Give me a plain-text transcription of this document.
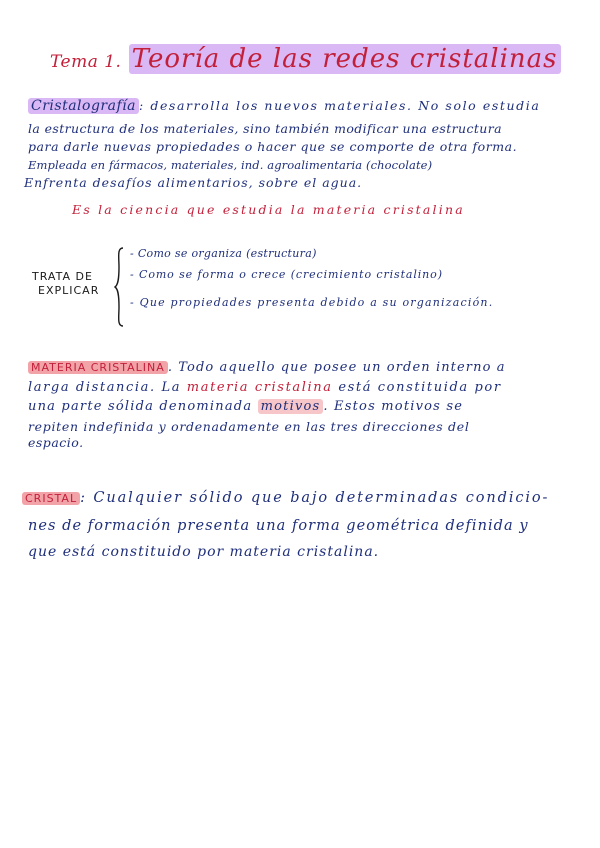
Tema 1. Teoría de las redes cristalinas
Cristalografía : desarrolla los nuevos materiales. No solo estudia
la estructura de los materiales, sino también modificar una estructura
para darle nuevas propiedades o hacer que se comporte de otra forma.
Empleada en fármacos, materiales, ind. agroalimentaria (chocolate)
Enfrenta desafíos alimentarios, sobre el agua.
Es la ciencia que estudia la materia cristalina
TRATA DE
EXPLICAR
- Como se organiza (estructura)
- Como se forma o crece (crecimiento cristalino)
- Que propiedades presenta debido a su organización.
MATERIA CRISTALINA . Todo aquello que posee un orden interno a
larga distancia. La materia cristalina está constituida por
una parte sólida denominada motivos . Estos motivos se
repiten indefinida y ordenadamente en las tres direcciones del
espacio.
CRISTAL : Cualquier sólido que bajo determinadas condicio-
nes de formación presenta una forma geométrica definida y
que está constituido por materia cristalina.
